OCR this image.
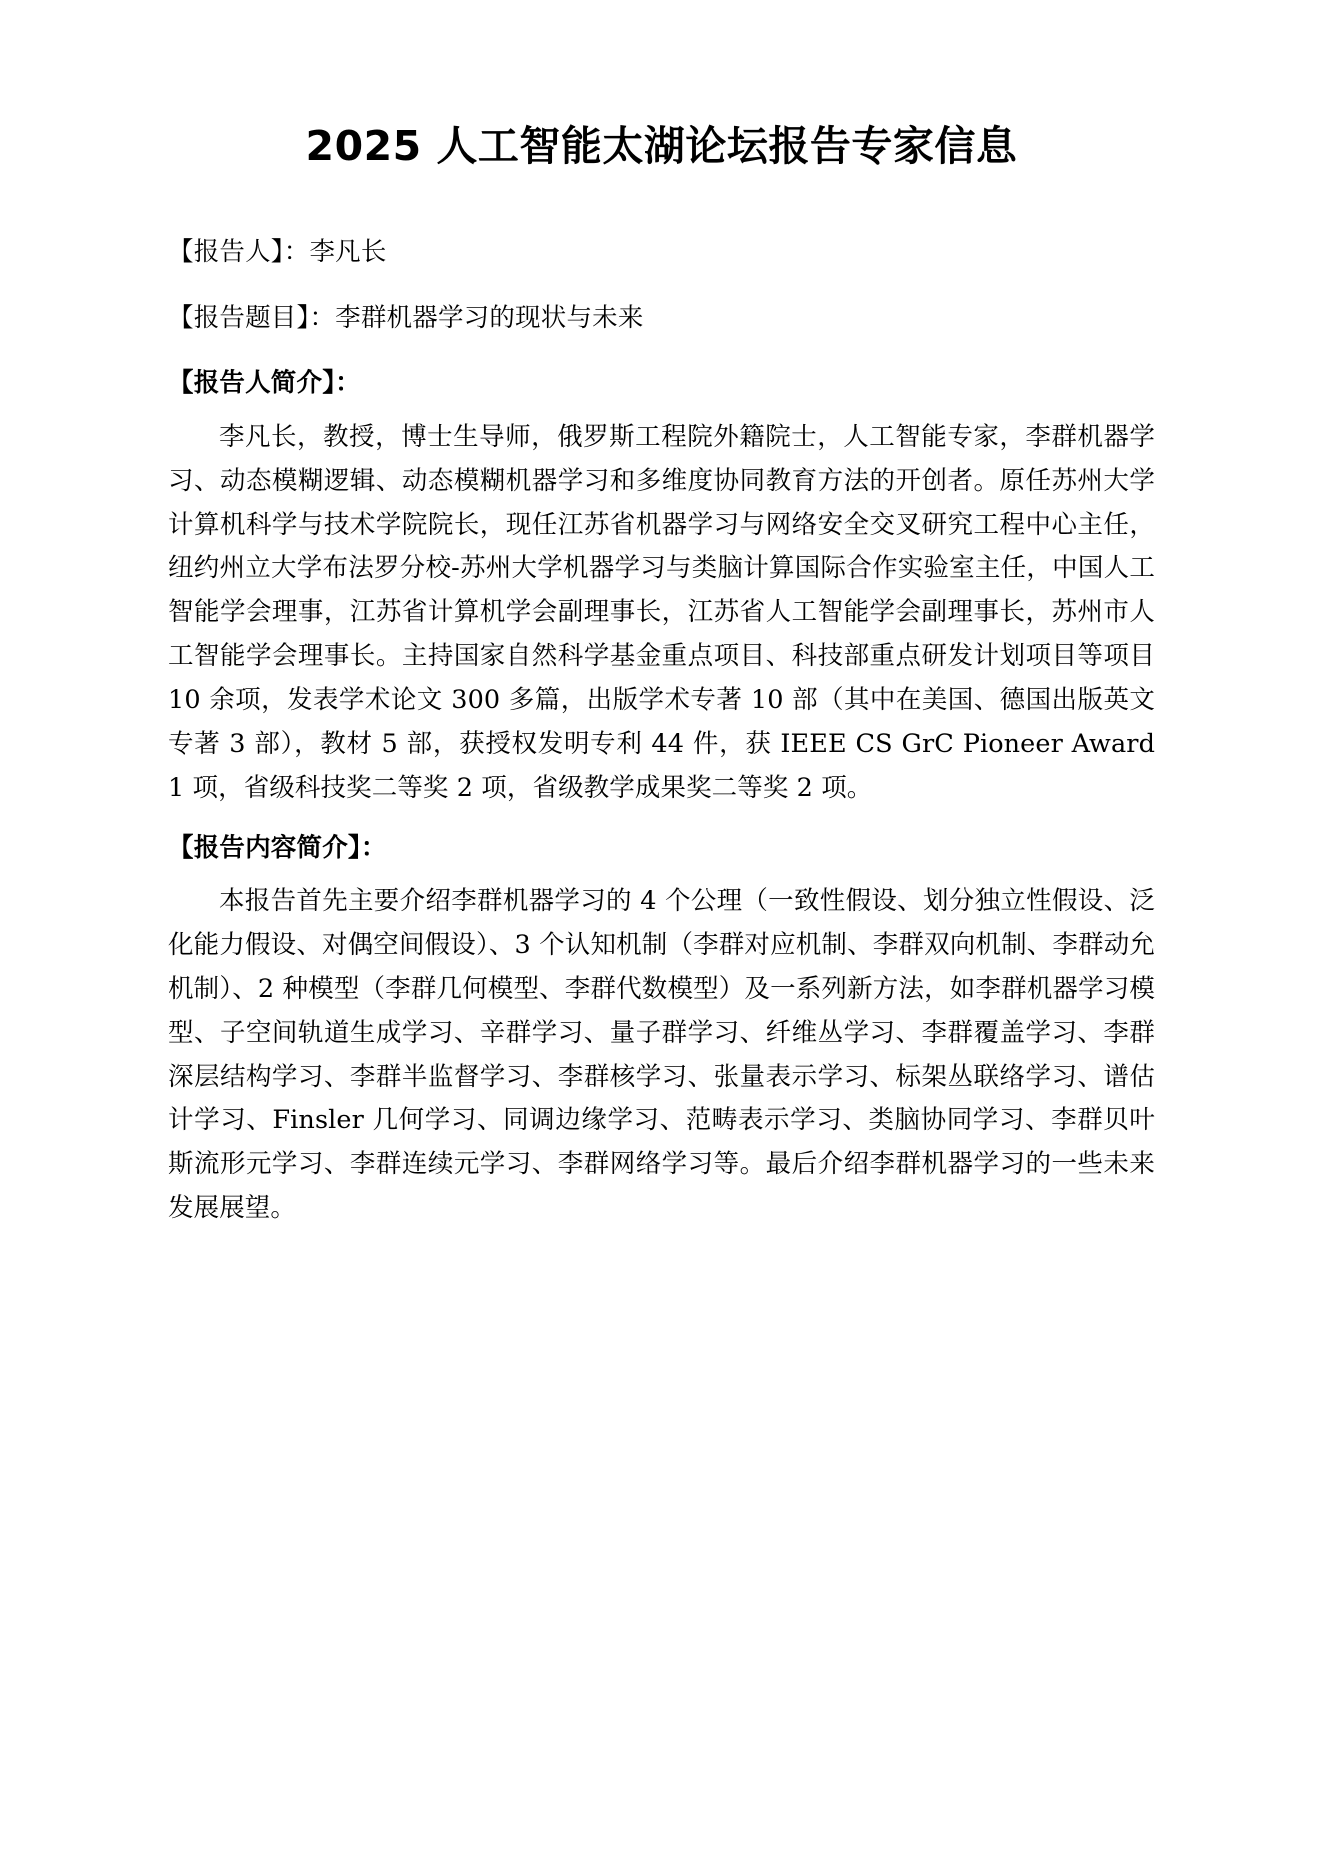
2025 人工智能太湖论坛报告专家信息

【报告人】：李凡长

【报告题目】：李群机器学习的现状与未来

【报告人简介】：

李凡长，教授，博士生导师，俄罗斯工程院外籍院士，人工智能专家，李群机器学习、动态模糊逻辑、动态模糊机器学习和多维度协同教育方法的开创者。原任苏州大学计算机科学与技术学院院长，现任江苏省机器学习与网络安全交叉研究工程中心主任，纽约州立大学布法罗分校-苏州大学机器学习与类脑计算国际合作实验室主任，中国人工智能学会理事，江苏省计算机学会副理事长，江苏省人工智能学会副理事长，苏州市人工智能学会理事长。主持国家自然科学基金重点项目、科技部重点研发计划项目等项目 10 余项，发表学术论文 300 多篇，出版学术专著 10 部（其中在美国、德国出版英文专著 3 部），教材 5 部，获授权发明专利 44 件，获 IEEE CS GrC Pioneer Award 1 项，省级科技奖二等奖 2 项，省级教学成果奖二等奖 2 项。

【报告内容简介】：

本报告首先主要介绍李群机器学习的 4 个公理（一致性假设、划分独立性假设、泛化能力假设、对偶空间假设）、3 个认知机制（李群对应机制、李群双向机制、李群动允机制）、2 种模型（李群几何模型、李群代数模型）及一系列新方法，如李群机器学习模型、子空间轨道生成学习、辛群学习、量子群学习、纤维丛学习、李群覆盖学习、李群深层结构学习、李群半监督学习、李群核学习、张量表示学习、标架丛联络学习、谱估计学习、Finsler 几何学习、同调边缘学习、范畴表示学习、类脑协同学习、李群贝叶斯流形元学习、李群连续元学习、李群网络学习等。最后介绍李群机器学习的一些未来发展展望。
